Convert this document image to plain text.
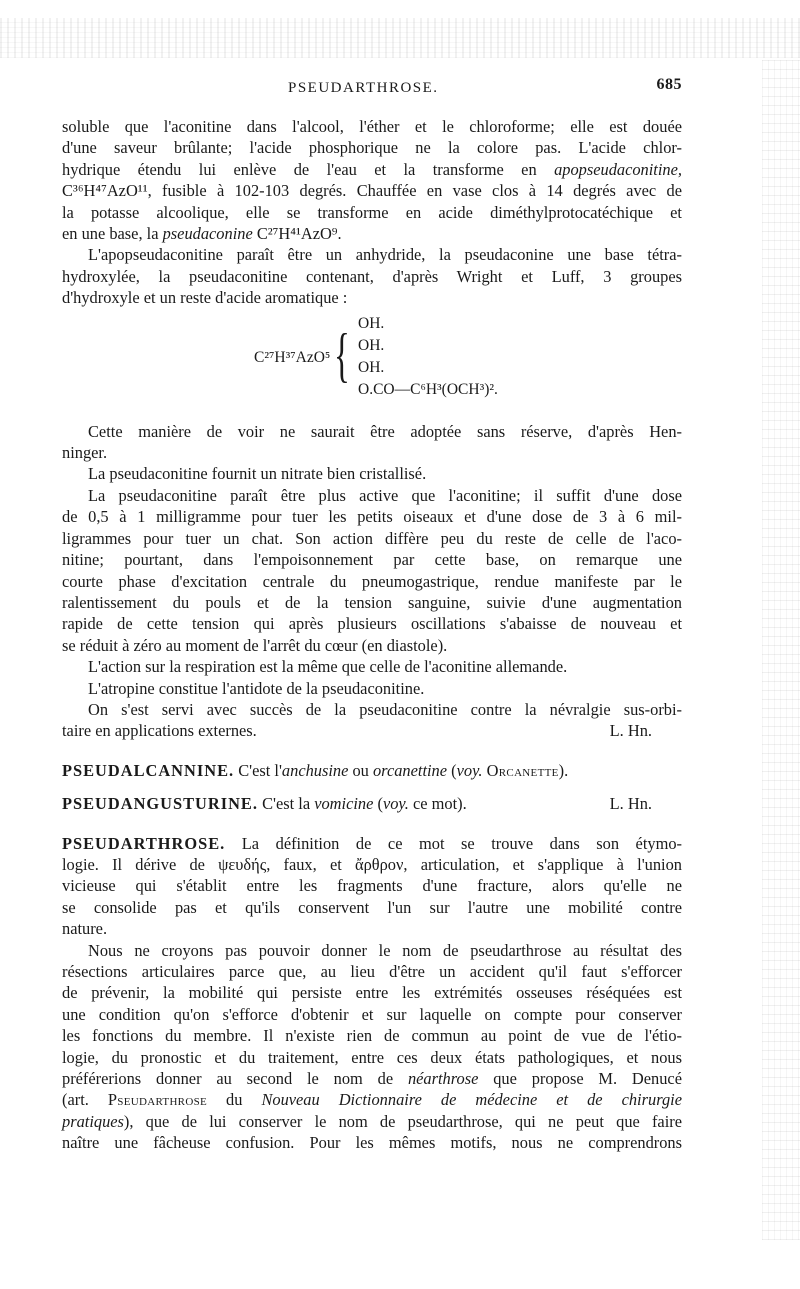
PSEUDARTHROSE.	685
soluble que l'aconitine dans l'alcool, l'éther et le chloroforme; elle est douée
d'une saveur brûlante; l'acide phosphorique ne la colore pas. L'acide chlor-
hydrique étendu lui enlève de l'eau et la transforme en apopseudaconitine,
C³⁶H⁴⁷AzO¹¹, fusible à 102-103 degrés. Chauffée en vase clos à 14 degrés avec de
la potasse alcoolique, elle se transforme en acide diméthylprotocatéchique et
en une base, la pseudaconine C²⁷H⁴¹AzO⁹.
L'apopseudaconitine paraît être un anhydride, la pseudaconine une base tétra-
hydroxylée, la pseudaconitine contenant, d'après Wright et Luff, 3 groupes
d'hydroxyle et un reste d'acide aromatique :
C²⁷H³⁷AzO⁵ { OH.
OH.
OH.
O.CO—C⁶H³(OCH³)².
Cette manière de voir ne saurait être adoptée sans réserve, d'après Hen-
ninger.
La pseudaconitine fournit un nitrate bien cristallisé.
La pseudaconitine paraît être plus active que l'aconitine; il suffit d'une dose
de 0,5 à 1 milligramme pour tuer les petits oiseaux et d'une dose de 3 à 6 mil-
ligrammes pour tuer un chat. Son action diffère peu du reste de celle de l'aco-
nitine; pourtant, dans l'empoisonnement par cette base, on remarque une
courte phase d'excitation centrale du pneumogastrique, rendue manifeste par le
ralentissement du pouls et de la tension sanguine, suivie d'une augmentation
rapide de cette tension qui après plusieurs oscillations s'abaisse de nouveau et
se réduit à zéro au moment de l'arrêt du cœur (en diastole).
L'action sur la respiration est la même que celle de l'aconitine allemande.
L'atropine constitue l'antidote de la pseudaconitine.
On s'est servi avec succès de la pseudaconitine contre la névralgie sus-orbi-
taire en applications externes.	L. Hn.
PSEUDALCANNINE. C'est l'anchusine ou orcanettine (voy. Orcanette).
PSEUDANGUSTURINE. C'est la vomicine (voy. ce mot).	L. Hn.
PSEUDARTHROSE. La définition de ce mot se trouve dans son étymo-
logie. Il dérive de ψευδής, faux, et ἄρθρον, articulation, et s'applique à l'union
vicieuse qui s'établit entre les fragments d'une fracture, alors qu'elle ne
se consolide pas et qu'ils conservent l'un sur l'autre une mobilité contre
nature.
Nous ne croyons pas pouvoir donner le nom de pseudarthrose au résultat des
résections articulaires parce que, au lieu d'être un accident qu'il faut s'efforcer
de prévenir, la mobilité qui persiste entre les extrémités osseuses réséquées est
une condition qu'on s'efforce d'obtenir et sur laquelle on compte pour conserver
les fonctions du membre. Il n'existe rien de commun au point de vue de l'étio-
logie, du pronostic et du traitement, entre ces deux états pathologiques, et nous
préférerions donner au second le nom de néarthrose que propose M. Denucé
(art. Pseudarthrose du Nouveau Dictionnaire de médecine et de chirurgie
pratiques), que de lui conserver le nom de pseudarthrose, qui ne peut que faire
naître une fâcheuse confusion. Pour les mêmes motifs, nous ne comprendrons
